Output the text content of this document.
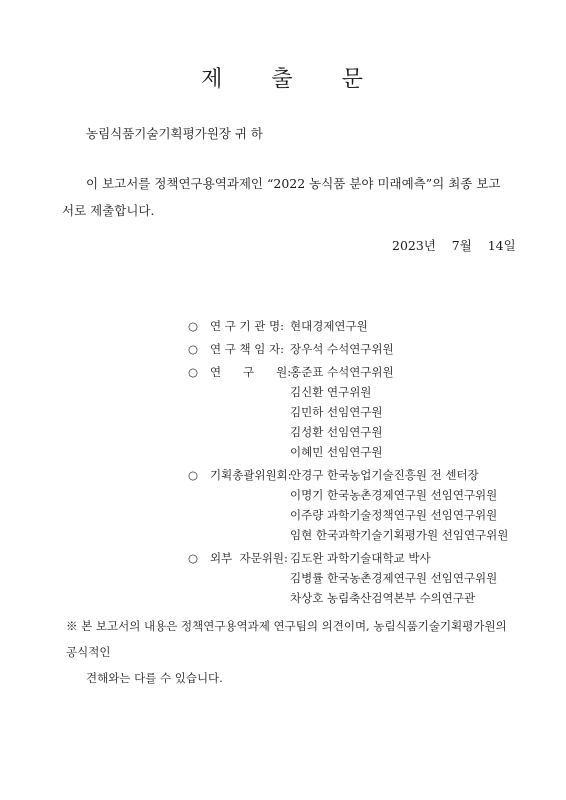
제 출 문
농림식품기술기획평가원장 귀 하
이 보고서를 정책연구용역과제인 “2022 농식품 분야 미래예측”의 최종 보고서로 제출합니다.
2023년    7월    14일
○	연 구 기 관 명: 현대경제연구원
○	연 구 책 임 자: 장우석 수석연구위원
○	연      구      원:
홍준표 수석연구위원
김신환 연구위원
김민하 선임연구원
김성환 선임연구원
이혜민 선임연구원
○	기획총괄위원회:
안경구 한국농업기술진흥원 전 센터장
이명기 한국농촌경제연구원 선임연구위원
이주량 과학기술정책연구원 선임연구위원
임현 한국과학기술기획평가원 선임연구위원
○	외부  자문위원: 김도완 과학기술대학교 박사
김병률 한국농촌경제연구원 선임연구위원
차상호 농림축산검역본부 수의연구관
※ 본 보고서의 내용은 정책연구용역과제 연구팀의 의견이며, 농림식품기술기획평가원의 공식적인
견해와는 다를 수 있습니다.
